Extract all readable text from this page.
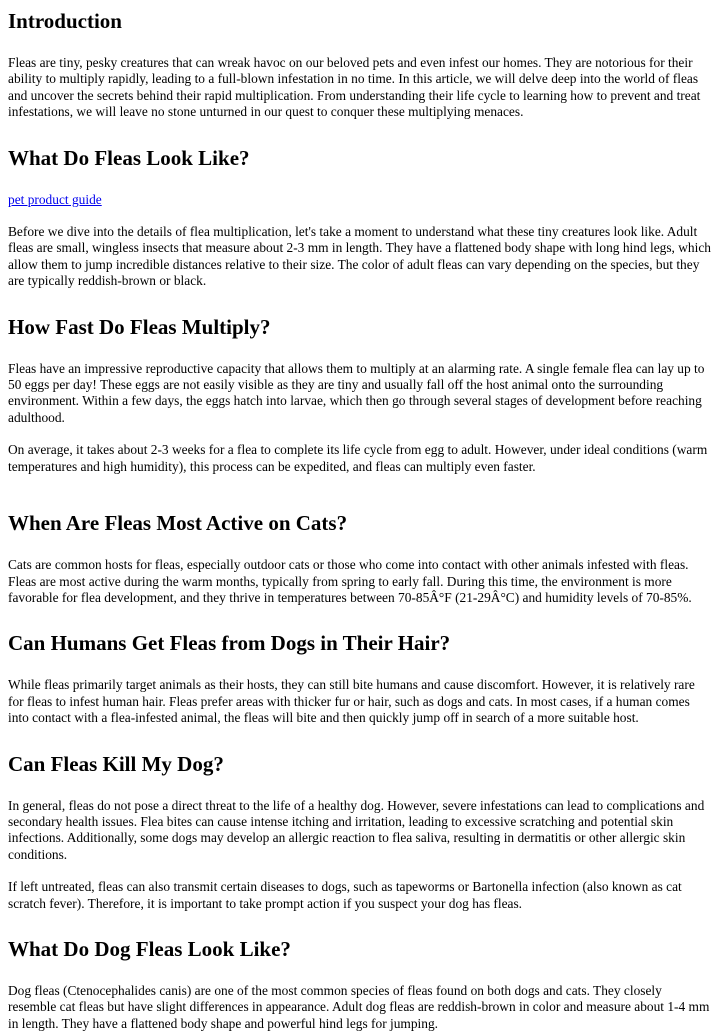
Introduction

Fleas are tiny, pesky creatures that can wreak havoc on our beloved pets and even infest our homes. They are notorious for their ability to multiply rapidly, leading to a full-blown infestation in no time. In this article, we will delve deep into the world of fleas and uncover the secrets behind their rapid multiplication. From understanding their life cycle to learning how to prevent and treat infestations, we will leave no stone unturned in our quest to conquer these multiplying menaces.

What Do Fleas Look Like?

pet product guide

Before we dive into the details of flea multiplication, let's take a moment to understand what these tiny creatures look like. Adult fleas are small, wingless insects that measure about 2-3 mm in length. They have a flattened body shape with long hind legs, which allow them to jump incredible distances relative to their size. The color of adult fleas can vary depending on the species, but they are typically reddish-brown or black.

How Fast Do Fleas Multiply?

Fleas have an impressive reproductive capacity that allows them to multiply at an alarming rate. A single female flea can lay up to 50 eggs per day! These eggs are not easily visible as they are tiny and usually fall off the host animal onto the surrounding environment. Within a few days, the eggs hatch into larvae, which then go through several stages of development before reaching adulthood.

On average, it takes about 2-3 weeks for a flea to complete its life cycle from egg to adult. However, under ideal conditions (warm temperatures and high humidity), this process can be expedited, and fleas can multiply even faster.

When Are Fleas Most Active on Cats?

Cats are common hosts for fleas, especially outdoor cats or those who come into contact with other animals infested with fleas. Fleas are most active during the warm months, typically from spring to early fall. During this time, the environment is more favorable for flea development, and they thrive in temperatures between 70-85Â°F (21-29Â°C) and humidity levels of 70-85%.

Can Humans Get Fleas from Dogs in Their Hair?

While fleas primarily target animals as their hosts, they can still bite humans and cause discomfort. However, it is relatively rare for fleas to infest human hair. Fleas prefer areas with thicker fur or hair, such as dogs and cats. In most cases, if a human comes into contact with a flea-infested animal, the fleas will bite and then quickly jump off in search of a more suitable host.

Can Fleas Kill My Dog?

In general, fleas do not pose a direct threat to the life of a healthy dog. However, severe infestations can lead to complications and secondary health issues. Flea bites can cause intense itching and irritation, leading to excessive scratching and potential skin infections. Additionally, some dogs may develop an allergic reaction to flea saliva, resulting in dermatitis or other allergic skin conditions.

If left untreated, fleas can also transmit certain diseases to dogs, such as tapeworms or Bartonella infection (also known as cat scratch fever). Therefore, it is important to take prompt action if you suspect your dog has fleas.

What Do Dog Fleas Look Like?

Dog fleas (Ctenocephalides canis) are one of the most common species of fleas found on both dogs and cats. They closely resemble cat fleas but have slight differences in appearance. Adult dog fleas are reddish-brown in color and measure about 1-4 mm in length. They have a flattened body shape and powerful hind legs for jumping.
